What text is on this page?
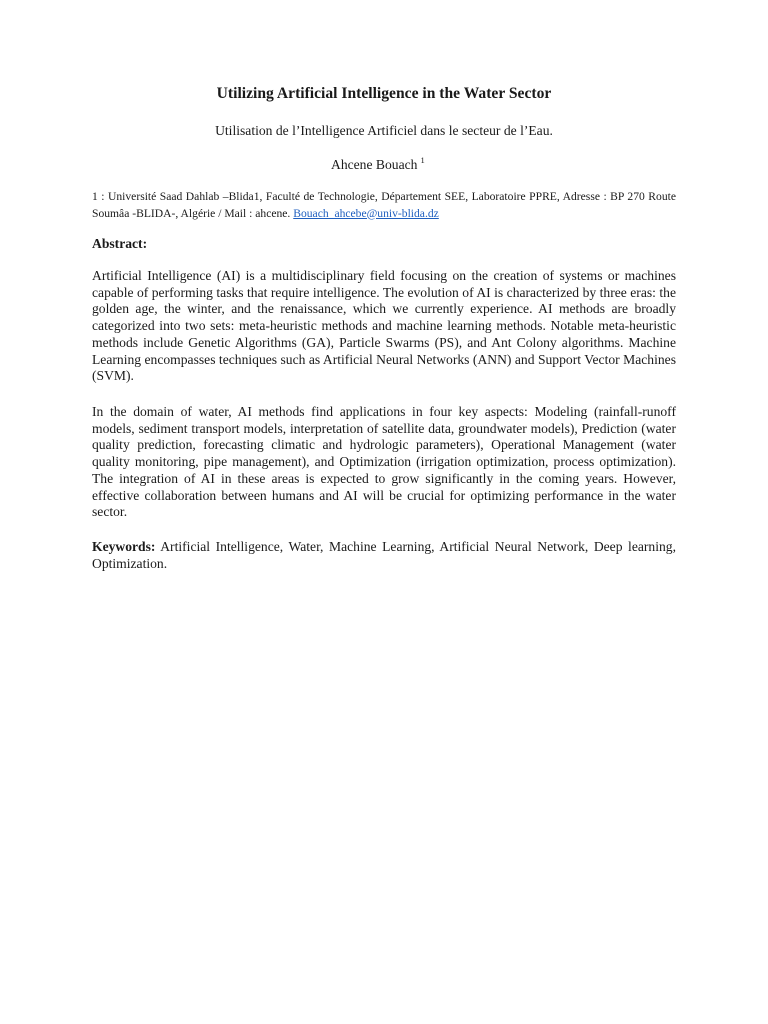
Utilizing Artificial Intelligence in the Water Sector

Utilisation de l’Intelligence Artificiel dans le secteur de l’Eau.

Ahcene Bouach $^1$

1 : Université Saad Dahlab –Blida1, Faculté de Technologie, Département SEE, Laboratoire PPRE, Adresse : BP 270 Route Soumâa -BLIDA-, Algérie / Mail : ahcene. Bouach_ahcebe@univ-blida.dz

Abstract:

Artificial Intelligence (AI) is a multidisciplinary field focusing on the creation of systems or machines capable of performing tasks that require intelligence. The evolution of AI is characterized by three eras: the golden age, the winter, and the renaissance, which we currently experience. AI methods are broadly categorized into two sets: meta-heuristic methods and machine learning methods. Notable meta-heuristic methods include Genetic Algorithms (GA), Particle Swarms (PS), and Ant Colony algorithms. Machine Learning encompasses techniques such as Artificial Neural Networks (ANN) and Support Vector Machines (SVM).

In the domain of water, AI methods find applications in four key aspects: Modeling (rainfall-runoff models, sediment transport models, interpretation of satellite data, groundwater models), Prediction (water quality prediction, forecasting climatic and hydrologic parameters), Operational Management (water quality monitoring, pipe management), and Optimization (irrigation optimization, process optimization). The integration of AI in these areas is expected to grow significantly in the coming years. However, effective collaboration between humans and AI will be crucial for optimizing performance in the water sector.

Keywords: Artificial Intelligence, Water, Machine Learning, Artificial Neural Network, Deep learning, Optimization.
